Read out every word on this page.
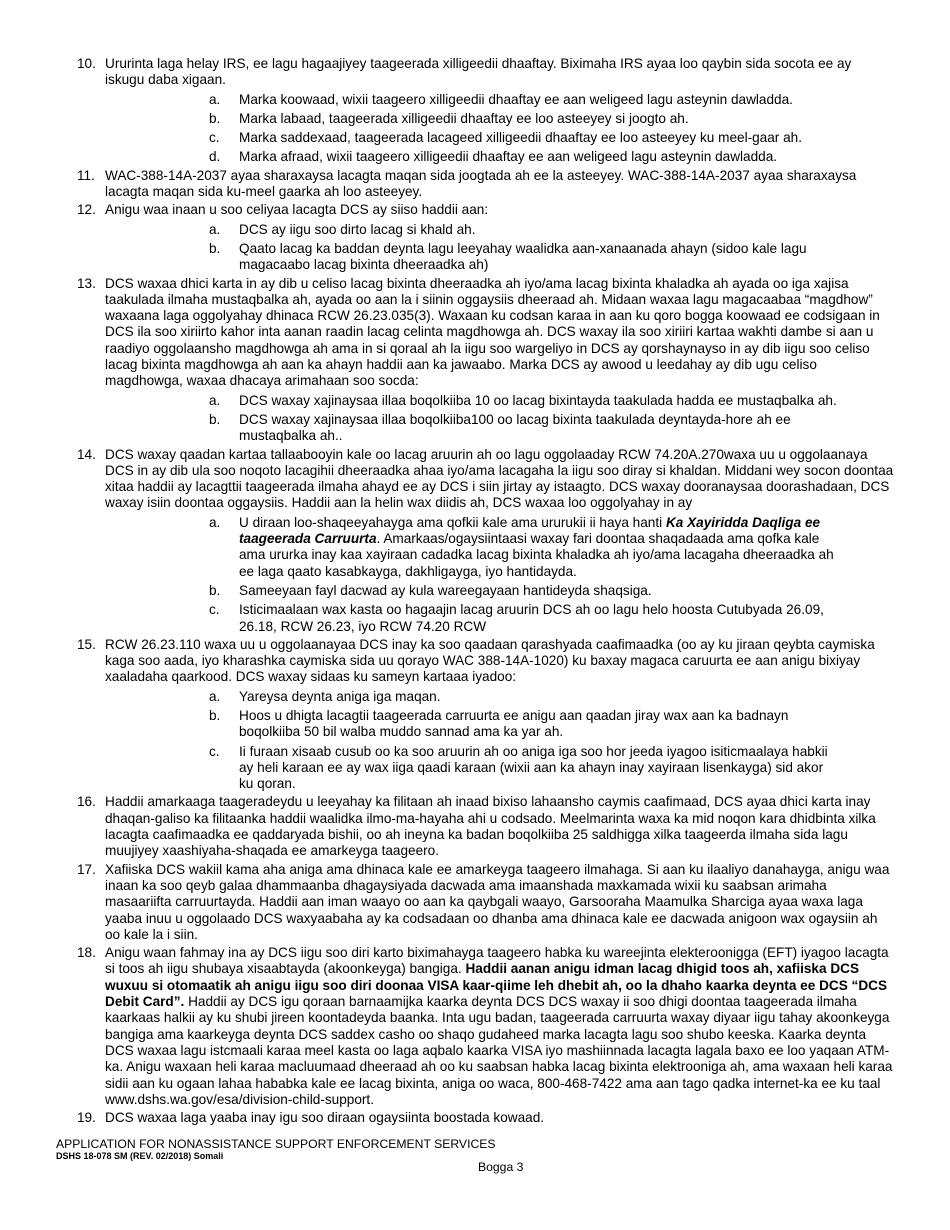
10. Ururinta laga helay IRS, ee lagu hagaajiyey taageerada xilligeedii dhaaftay. Biximaha IRS ayaa loo qaybin sida socota ee ay iskugu daba xigaan.
a. Marka koowaad, wixii taageero xilligeedii dhaaftay ee aan weligeed lagu asteynin dawladda.
b. Marka labaad, taageerada xilligeedii dhaaftay ee loo asteeyey si joogto ah.
c. Marka saddexaad, taageerada lacageed xilligeedii dhaaftay ee loo asteeyey ku meel-gaar ah.
d. Marka afraad, wixii taageero xilligeedii dhaaftay ee aan weligeed lagu asteynin dawladda.
11. WAC-388-14A-2037 ayaa sharaxaysa lacagta maqan sida joogtada ah ee la asteeyey. WAC-388-14A-2037 ayaa sharaxaysa lacagta maqan sida ku-meel gaarka ah loo asteeyey.
12. Anigu waa inaan u soo celiyaa lacagta DCS ay siiso haddii aan:
a. DCS ay iigu soo dirto lacag si khald ah.
b. Qaato lacag ka baddan deynta lagu leeyahay waalidka aan-xanaanada ahayn (sidoo kale lagu magacaabo lacag bixinta dheeraadka ah)
13. DCS waxaa dhici karta in ay dib u celiso lacag bixinta dheeraadka ah iyo/ama lacag bixinta khaladka ah ayada oo iga xajisa taakulada ilmaha mustaqbalka ah, ayada oo aan la i siinin oggaysiis dheeraad ah. Midaan waxaa lagu magacaabaa “magdhow” waxaana laga oggolyahay dhinaca RCW 26.23.035(3). Waxaan ku codsan karaa in aan ku qoro bogga koowaad ee codsigaan in DCS ila soo xiriirto kahor inta aanan raadin lacag celinta magdhowga ah. DCS waxay ila soo xiriiri kartaa wakhti dambe si aan u raadiyo oggolaansho magdhowga ah ama in si qoraal ah la iigu soo wargeliyo in DCS ay qorshaynayso in ay dib iigu soo celiso lacag bixinta magdhowga ah aan ka ahayn haddii aan ka jawaabo. Marka DCS ay awood u leedahay ay dib ugu celiso magdhowga, waxaa dhacaya arimahaan soo socda:
a. DCS waxay xajinaysaa illaa boqolkiiba 10 oo lacag bixintayda taakulada hadda ee mustaqbalka ah.
b. DCS waxay xajinaysaa illaa boqolkiiba100 oo lacag bixinta taakulada deyntayda-hore ah ee mustaqbalka ah..
14. DCS waxay qaadan kartaa tallaabooyin kale oo lacag aruurin ah oo lagu oggolaaday RCW 74.20A.270waxa uu u oggolaanaya DCS in ay dib ula soo noqoto lacagihii dheeraadka ahaa iyo/ama lacagaha la iigu soo diray si khaldan. Middani wey socon doontaa xitaa haddii ay lacagttii taageerada ilmaha ahayd ee ay DCS i siin jirtay ay istaagto. DCS waxay dooranaysaa doorashadaan, DCS waxay isiin doontaa oggaysiis. Haddii aan la helin wax diidis ah, DCS waxaa loo oggolyahay in ay
a. U diraan loo-shaqeeyahayga ama qofkii kale ama ururukii ii haya hanti Ka Xayiridda Daqliga ee taageerada Carruurta. Amarkaas/ogaysiintaasi waxay fari doontaa shaqadaada ama qofka kale ama ururka inay kaa xayiraan cadadka lacag bixinta khaladka ah iyo/ama lacagaha dheeraadka ah ee laga qaato kasabkayga, dakhligayga, iyo hantidayda.
b. Sameeyaan fayl dacwad ay kula wareegayaan hantideyda shaqsiga.
c. Isticimaalaan wax kasta oo hagaajin lacag aruurin DCS ah oo lagu helo hoosta Cutubyada 26.09, 26.18, RCW 26.23, iyo RCW 74.20 RCW
15. RCW 26.23.110 waxa uu u oggolaanayaa DCS inay ka soo qaadaan qarashyada caafimaadka (oo ay ku jiraan qeybta caymiska kaga soo aada, iyo kharashka caymiska sida uu qorayo WAC 388-14A-1020) ku baxay magaca caruurta ee aan anigu bixiyay xaaladaha qaarkood. DCS waxay sidaas ku sameyn kartaaa iyadoo:
a. Yareysa deynta aniga iga maqan.
b. Hoos u dhigta lacagtii taageerada carruurta ee anigu aan qaadan jiray wax aan ka badnayn boqolkiiba 50 bil walba muddo sannad ama ka yar ah.
c. Ii furaan xisaab cusub oo ka soo aruurin ah oo aniga iga soo hor jeeda iyagoo isiticmaalaya habkii ay heli karaan ee ay wax iiga qaadi karaan (wixii aan ka ahayn inay xayiraan lisenkayga) sid akor ku qoran.
16. Haddii amarkaaga taageradeydu u leeyahay ka filitaan ah inaad bixiso lahaansho caymis caafimaad, DCS ayaa dhici karta inay dhaqan-galiso ka filitaanka haddii waalidka ilmo-ma-hayaha ahi u codsado. Meelmarinta waxa ka mid noqon kara dhidbinta xilka lacagta caafimaadka ee qaddaryada bishii, oo ah ineyna ka badan boqolkiiba 25 saldhigga xilka taageerda ilmaha sida lagu muujiyey xaashiyaha-shaqada ee amarkeyga taageero.
17. Xafiiska DCS wakiil kama aha aniga ama dhinaca kale ee amarkeyga taageero ilmahaga. Si aan ku ilaaliyo danahayga, anigu waa inaan ka soo qeyb galaa dhammaanba dhagaysiyada dacwada ama imaanshada maxkamada wixii ku saabsan arimaha masaariifta carruurtayda. Haddii aan iman waayo oo aan ka qaybgali waayo, Garsooraha Maamulka Sharciga ayaa waxa laga yaaba inuu u oggolaado DCS waxyaabaha ay ka codsadaan oo dhanba ama dhinaca kale ee dacwada anigoon wax ogaysiin ah oo kale la i siin.
18. Anigu waan fahmay ina ay DCS iigu soo diri karto biximahayga taageero habka ku wareejinta elekteroonigga (EFT) iyagoo lacagta si toos ah iigu shubaya xisaabtayda (akoonkeyga) bangiga. Haddii aanan anigu idman lacag dhigid toos ah, xafiiska DCS wuxuu si otomaatik ah anigu iigu soo diri doonaa VISA kaar-qiime leh dhebit ah, oo la dhaho kaarka deynta ee DCS “DCS Debit Card”. Haddii ay DCS igu qoraan barnaamijka kaarka deynta DCS DCS waxay ii soo dhigi doontaa taageerada ilmaha kaarkaas halkii ay ku shubi jireen koontadeyda baanka. Inta ugu badan, taageerada carruurta waxay diyaar iigu tahay akoonkeyga bangiga ama kaarkeyga deynta DCS saddex casho oo shaqo gudaheed marka lacagta lagu soo shubo keeska. Kaarka deynta DCS waxaa lagu istcmaali karaa meel kasta oo laga aqbalo kaarka VISA iyo mashiinnada lacagta lagala baxo ee loo yaqaan ATM-ka. Anigu waxaan heli karaa macluumaad dheeraad ah oo ku saabsan habka lacag bixinta elektrooniga ah, ama waxaan heli karaa sidii aan ku ogaan lahaa hababka kale ee lacag bixinta, aniga oo waca, 800-468-7422 ama aan tago qadka internet-ka ee ku taal www.dshs.wa.gov/esa/division-child-support.
19. DCS waxaa laga yaaba inay igu soo diraan ogaysiinta boostada kowaad.
APPLICATION FOR NONASSISTANCE SUPPORT ENFORCEMENT SERVICES
DSHS 18-078 SM (REV. 02/2018) Somali
Bogga 3
